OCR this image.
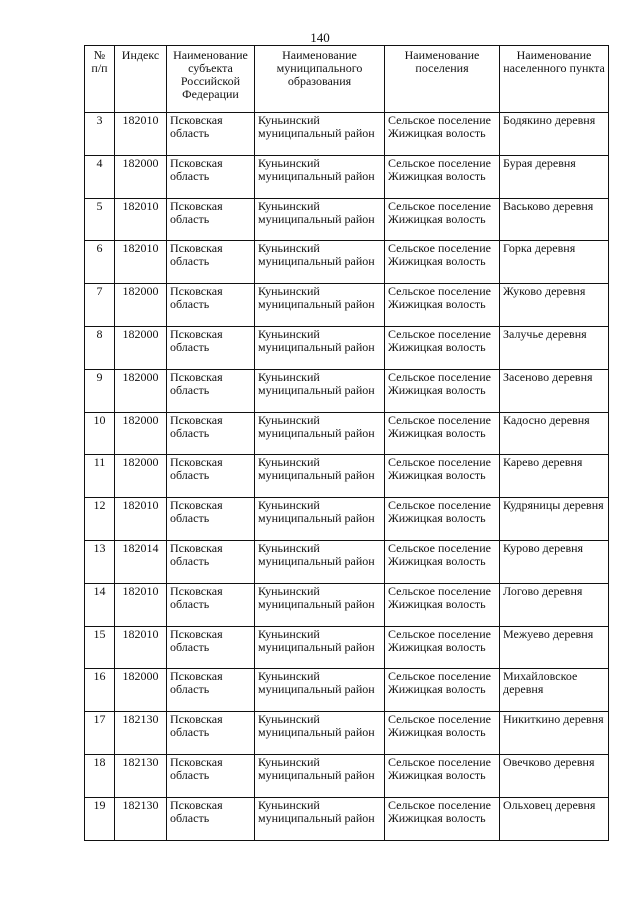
140
№ п/п	Индекс	Наименование субъекта Российской Федерации	Наименование муниципального образования	Наименование поселения	Наименование населенного пункта
3	182010	Псковская область	Куньинский муниципальный район	Сельское поселение Жижицкая волость	Бодякино деревня
4	182000	Псковская область	Куньинский муниципальный район	Сельское поселение Жижицкая волость	Бурая деревня
5	182010	Псковская область	Куньинский муниципальный район	Сельское поселение Жижицкая волость	Васьково деревня
6	182010	Псковская область	Куньинский муниципальный район	Сельское поселение Жижицкая волость	Горка деревня
7	182000	Псковская область	Куньинский муниципальный район	Сельское поселение Жижицкая волость	Жуково деревня
8	182000	Псковская область	Куньинский муниципальный район	Сельское поселение Жижицкая волость	Залучье деревня
9	182000	Псковская область	Куньинский муниципальный район	Сельское поселение Жижицкая волость	Засеново деревня
10	182000	Псковская область	Куньинский муниципальный район	Сельское поселение Жижицкая волость	Кадосно деревня
11	182000	Псковская область	Куньинский муниципальный район	Сельское поселение Жижицкая волость	Карево деревня
12	182010	Псковская область	Куньинский муниципальный район	Сельское поселение Жижицкая волость	Кудряницы деревня
13	182014	Псковская область	Куньинский муниципальный район	Сельское поселение Жижицкая волость	Курово деревня
14	182010	Псковская область	Куньинский муниципальный район	Сельское поселение Жижицкая волость	Логово деревня
15	182010	Псковская область	Куньинский муниципальный район	Сельское поселение Жижицкая волость	Межуево деревня
16	182000	Псковская область	Куньинский муниципальный район	Сельское поселение Жижицкая волость	Михайловское деревня
17	182130	Псковская область	Куньинский муниципальный район	Сельское поселение Жижицкая волость	Никиткино деревня
18	182130	Псковская область	Куньинский муниципальный район	Сельское поселение Жижицкая волость	Овечково деревня
19	182130	Псковская область	Куньинский муниципальный район	Сельское поселение Жижицкая волость	Ольховец деревня
